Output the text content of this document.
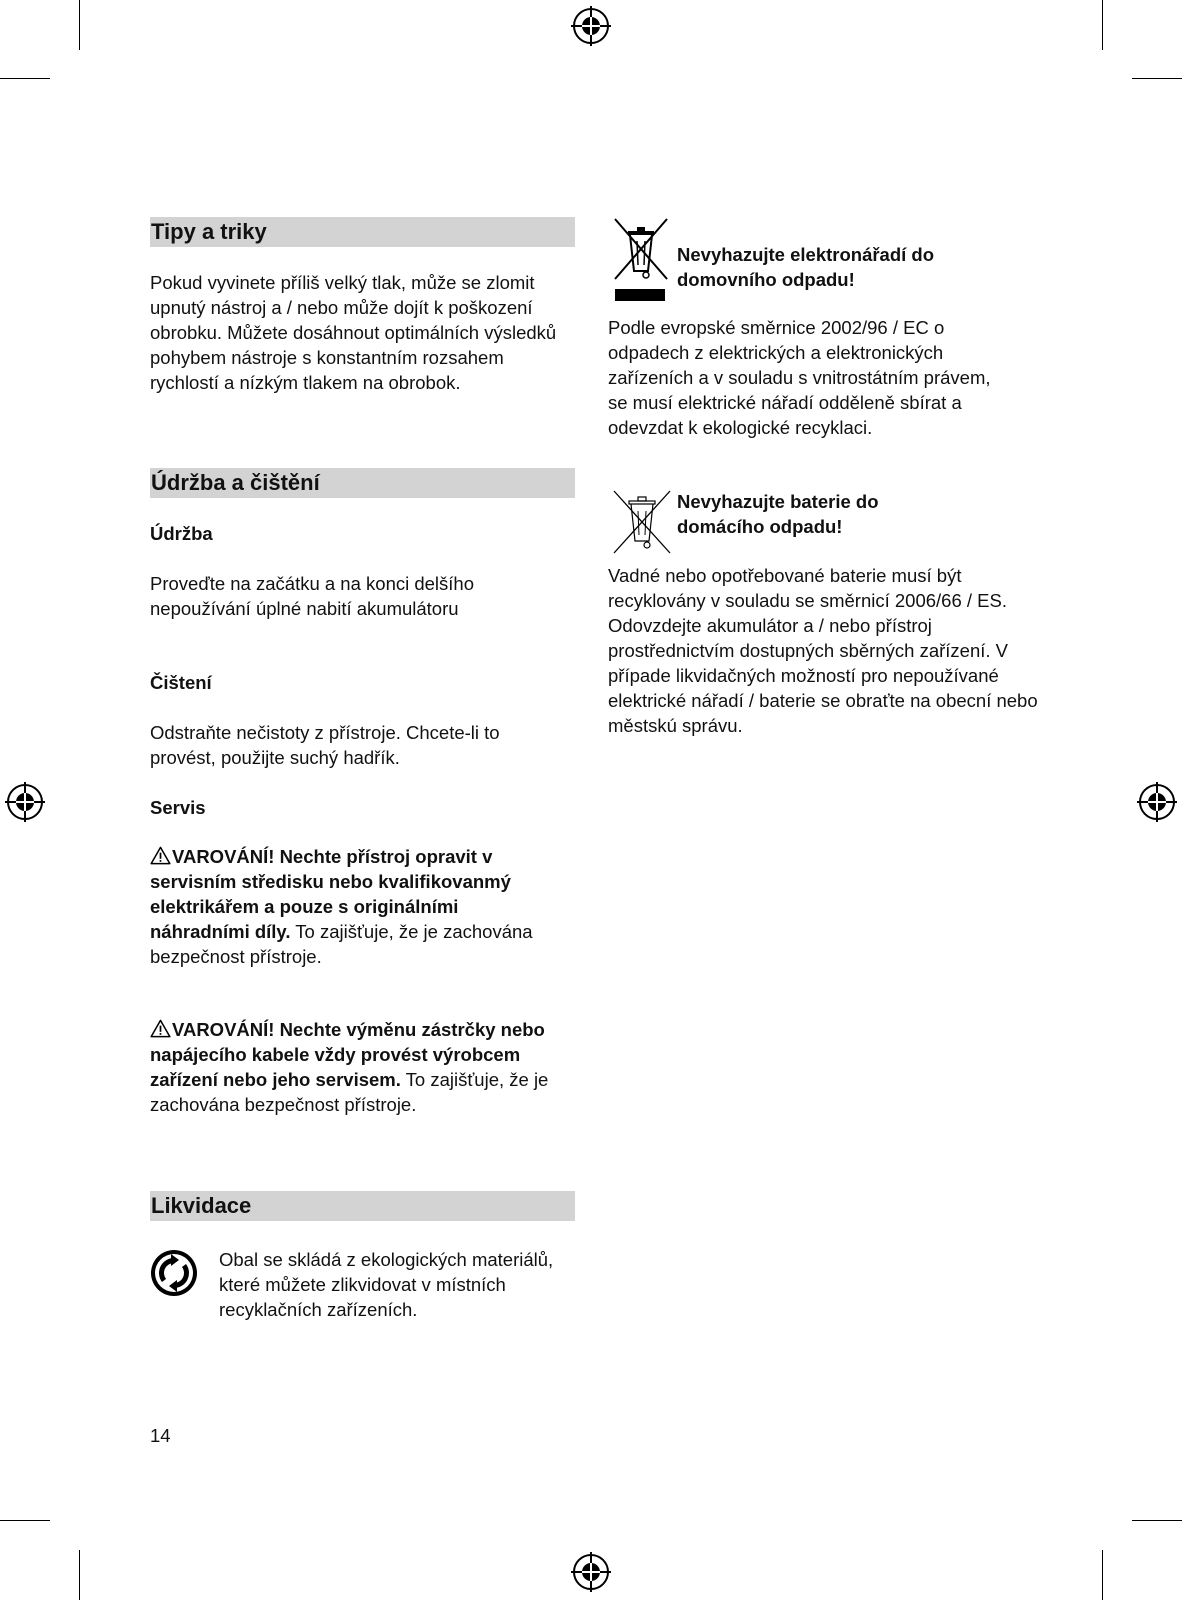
Tipy a triky
Pokud vyvinete příliš velký tlak, může se zlomit upnutý nástroj a / nebo může dojít k poškození obrobku. Můžete dosáhnout optimálních výsledků pohybem nástroje s konstantním rozsahem rychlostí a nízkým tlakem na obrobok.
Údržba a čištění
Údržba
Proveďte na začátku a na konci delšího nepoužívání úplné nabití akumulátoru
Čištení
Odstraňte nečistoty z přístroje. Chcete-li to provést, použijte suchý hadřík.
Servis
VAROVÁNÍ! Nechte přístroj opravit v servisním středisku nebo kvalifikovanmý elektrikářem a pouze s originálními náhradními díly. To zajišťuje, že je zachována bezpečnost přístroje.
VAROVÁNÍ! Nechte výměnu zástrčky nebo napájecího kabele vždy provést výrobcem zařízení nebo jeho servisem. To zajišťuje, že je zachována bezpečnost přístroje.
Likvidace
Obal se skládá z ekologických materiálů, které můžete zlikvidovat v místních recyklačních zařízeních.
14
Nevyhazujte elektronářadí do domovního odpadu!
Podle evropské směrnice 2002/96 / EC o odpadech z elektrických a elektronických zařízeních a v souladu s vnitrostátním právem, se musí elektrické nářadí odděleně sbírat a odevzdat k ekologické recyklaci.
Nevyhazujte baterie do domácího odpadu!
Vadné nebo opotřebované baterie musí být recyklovány v souladu se směrnicí 2006/66 / ES. Odovzdejte akumulátor a / nebo přístroj prostřednictvím dostupných sběrných zařízení. V případe likvidačných možností pro nepoužívané elektrické nářadí / baterie se obraťte na obecní nebo městskú správu.
